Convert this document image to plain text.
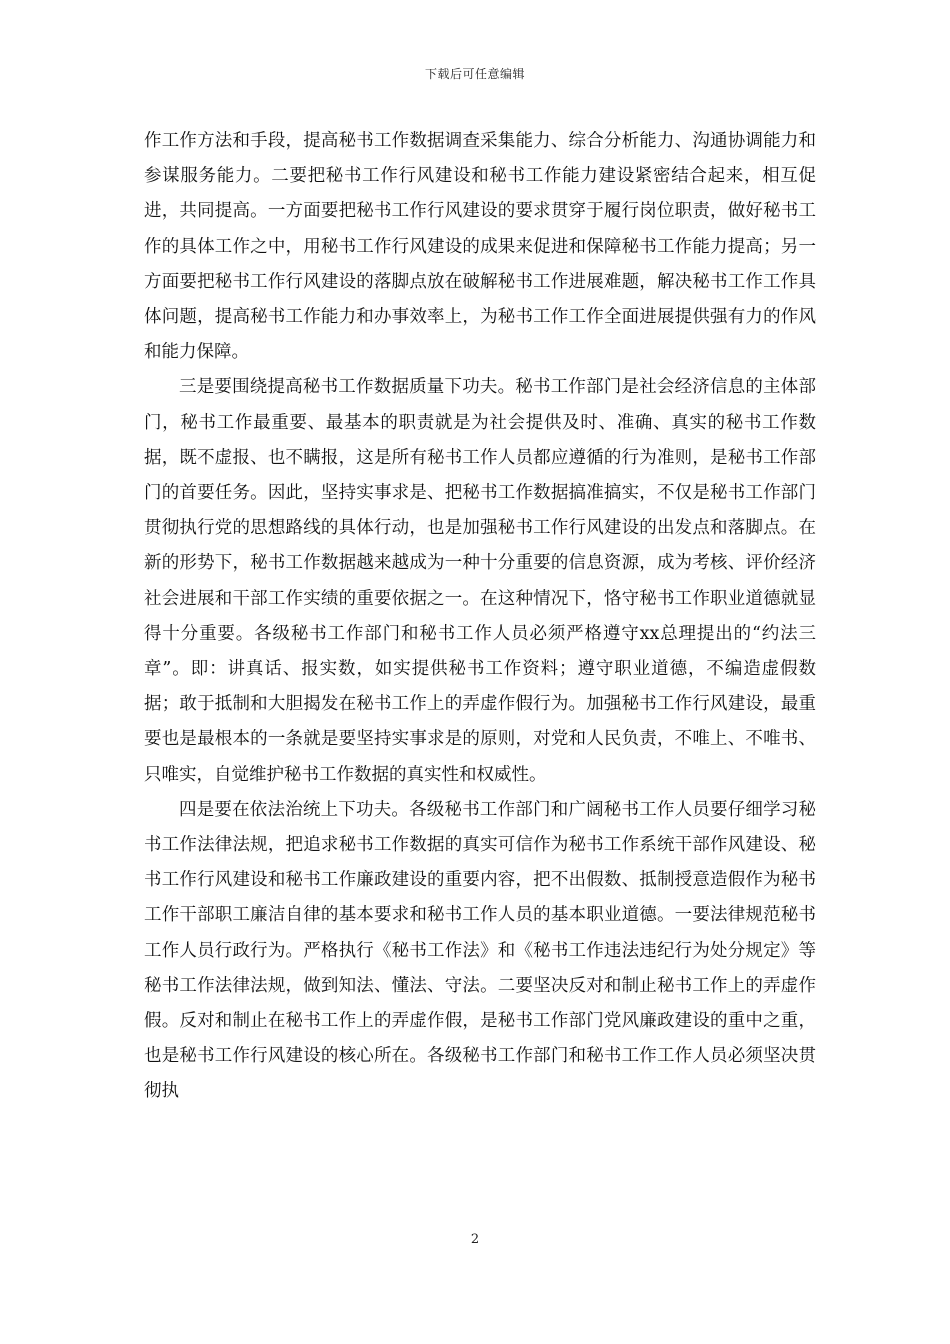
下载后可任意编辑

作工作方法和手段，提高秘书工作数据调查采集能力、综合分析能力、沟通协调能力和参谋服务能力。二要把秘书工作行风建设和秘书工作能力建设紧密结合起来，相互促进，共同提高。一方面要把秘书工作行风建设的要求贯穿于履行岗位职责，做好秘书工作的具体工作之中，用秘书工作行风建设的成果来促进和保障秘书工作能力提高；另一方面要把秘书工作行风建设的落脚点放在破解秘书工作进展难题，解决秘书工作工作具体问题，提高秘书工作能力和办事效率上，为秘书工作工作全面进展提供强有力的作风和能力保障。

三是要围绕提高秘书工作数据质量下功夫。秘书工作部门是社会经济信息的主体部门，秘书工作最重要、最基本的职责就是为社会提供及时、准确、真实的秘书工作数据，既不虚报、也不瞒报，这是所有秘书工作人员都应遵循的行为准则，是秘书工作部门的首要任务。因此，坚持实事求是、把秘书工作数据搞准搞实，不仅是秘书工作部门贯彻执行党的思想路线的具体行动，也是加强秘书工作行风建设的出发点和落脚点。在新的形势下，秘书工作数据越来越成为一种十分重要的信息资源，成为考核、评价经济社会进展和干部工作实绩的重要依据之一。在这种情况下，恪守秘书工作职业道德就显得十分重要。各级秘书工作部门和秘书工作人员必须严格遵守xx总理提出的“约法三章”。即：讲真话、报实数，如实提供秘书工作资料；遵守职业道德，不编造虚假数据；敢于抵制和大胆揭发在秘书工作上的弄虚作假行为。加强秘书工作行风建设，最重要也是最根本的一条就是要坚持实事求是的原则，对党和人民负责，不唯上、不唯书、只唯实，自觉维护秘书工作数据的真实性和权威性。

四是要在依法治统上下功夫。各级秘书工作部门和广阔秘书工作人员要仔细学习秘书工作法律法规，把追求秘书工作数据的真实可信作为秘书工作系统干部作风建设、秘书工作行风建设和秘书工作廉政建设的重要内容，把不出假数、抵制授意造假作为秘书工作干部职工廉洁自律的基本要求和秘书工作人员的基本职业道德。一要法律规范秘书工作人员行政行为。严格执行《秘书工作法》和《秘书工作违法违纪行为处分规定》等秘书工作法律法规，做到知法、懂法、守法。二要坚决反对和制止秘书工作上的弄虚作假。反对和制止在秘书工作上的弄虚作假，是秘书工作部门党风廉政建设的重中之重，也是秘书工作行风建设的核心所在。各级秘书工作部门和秘书工作工作人员必须坚决贯彻执

2
